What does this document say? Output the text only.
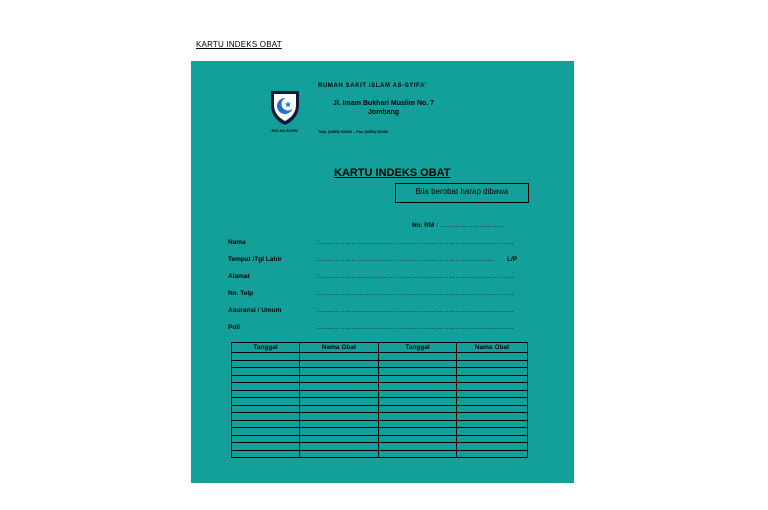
KARTU INDEKS OBAT
RSI AS-SYIFA'
RUMAH SAKIT ISLAM AS-SYIFA'
Jl. Imam Bukhari Muslim No. 7
Jombang
Telp. (0355) 52452 – Fax (0355) 52460
KARTU INDEKS OBAT
Bila berobat harap dibawa
No. RM : …………………………
Nama	:………………………………………………………………………………
Tempat /Tgl Lahir	:………………………………………………………………………	L/P
Alamat	:………………………………………………………………………………
No. Telp	:………………………………………………………………………………
Asuransi / Umum	:………………………………………………………………………………
Poli	:………………………………………………………………………………
Tanggal	Nama Obat	Tanggal	Nama Obat
